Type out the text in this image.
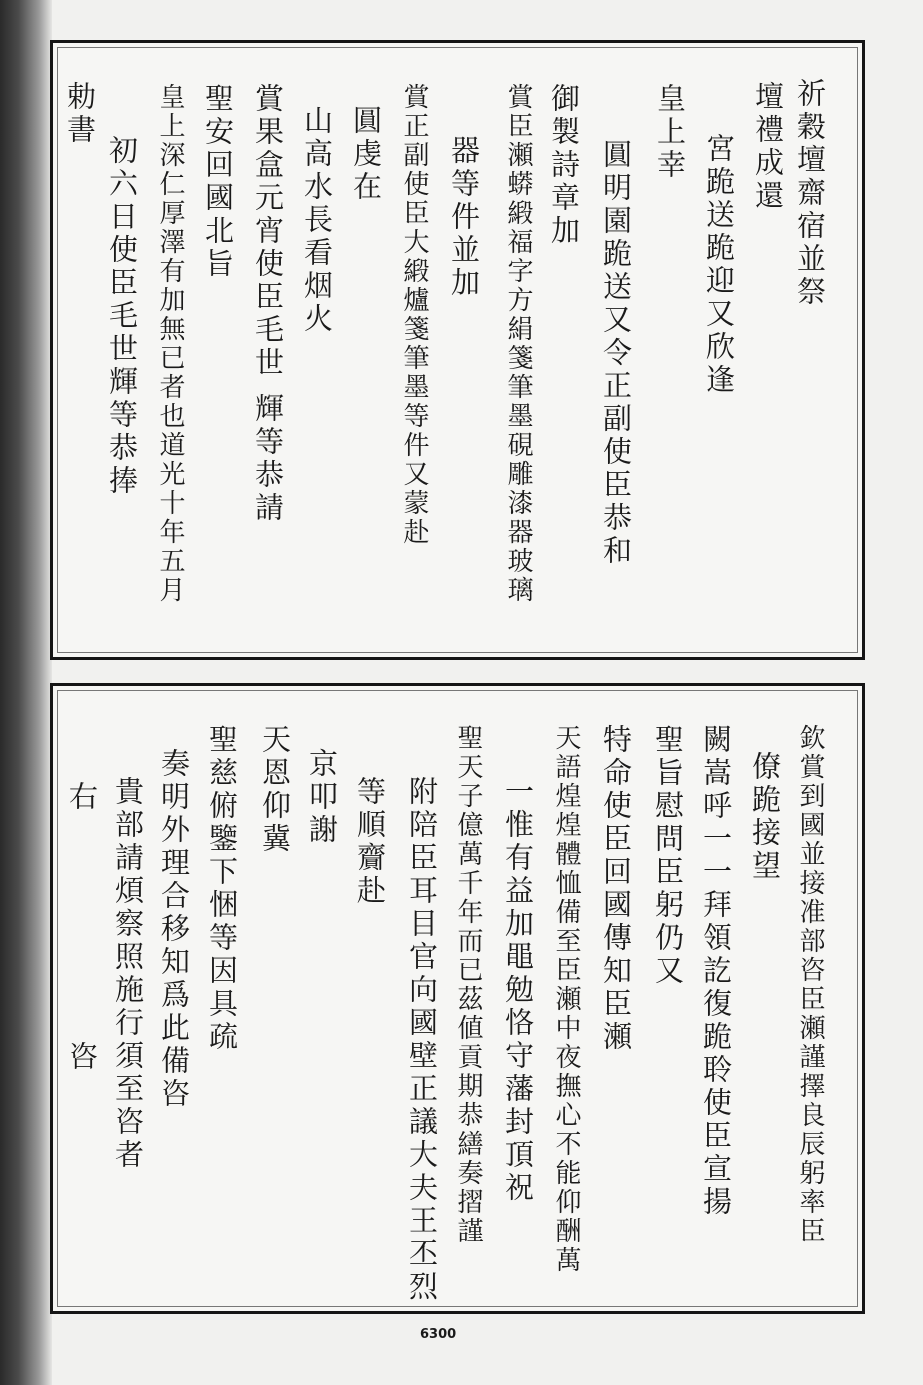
祈穀壇齋宿並祭
壇禮成還
宮跪送跪迎又欣逢
皇上幸
圓明園跪送又令正副使臣恭和
御製詩章加
賞臣瀬蟒緞福字方絹箋筆墨硯雕漆器玻璃
器等件並加
賞正副使臣大緞爐箋筆墨等件又蒙赴
圓虔在
山高水長看烟火
賞果盒元宵使臣毛世 輝等恭請
聖安回國北旨
皇上深仁厚澤有加無已者也道光十年五月
初六日使臣毛世輝等恭捧
勅書
欽賞到國並接准部咨臣瀬謹擇良辰躬率臣
僚跪接望
闕嵩呼一一拜領訖復跪聆使臣宣揚
聖旨慰問臣躬仍又
特命使臣回國傳知臣瀬
天語煌煌體恤備至臣瀬中夜撫心不能仰酬萬
一惟有益加黽勉恪守藩封頂祝
聖天子億萬千年而已茲値貢期恭繕奏摺謹
附陪臣耳目官向國壁正議大夫王丕烈
等順齎赴
京叩謝
天恩仰冀
聖慈俯鑒下悃等因具疏
奏明外理合移知爲此備咨
貴部請煩察照施行須至咨者
右
咨
6300
